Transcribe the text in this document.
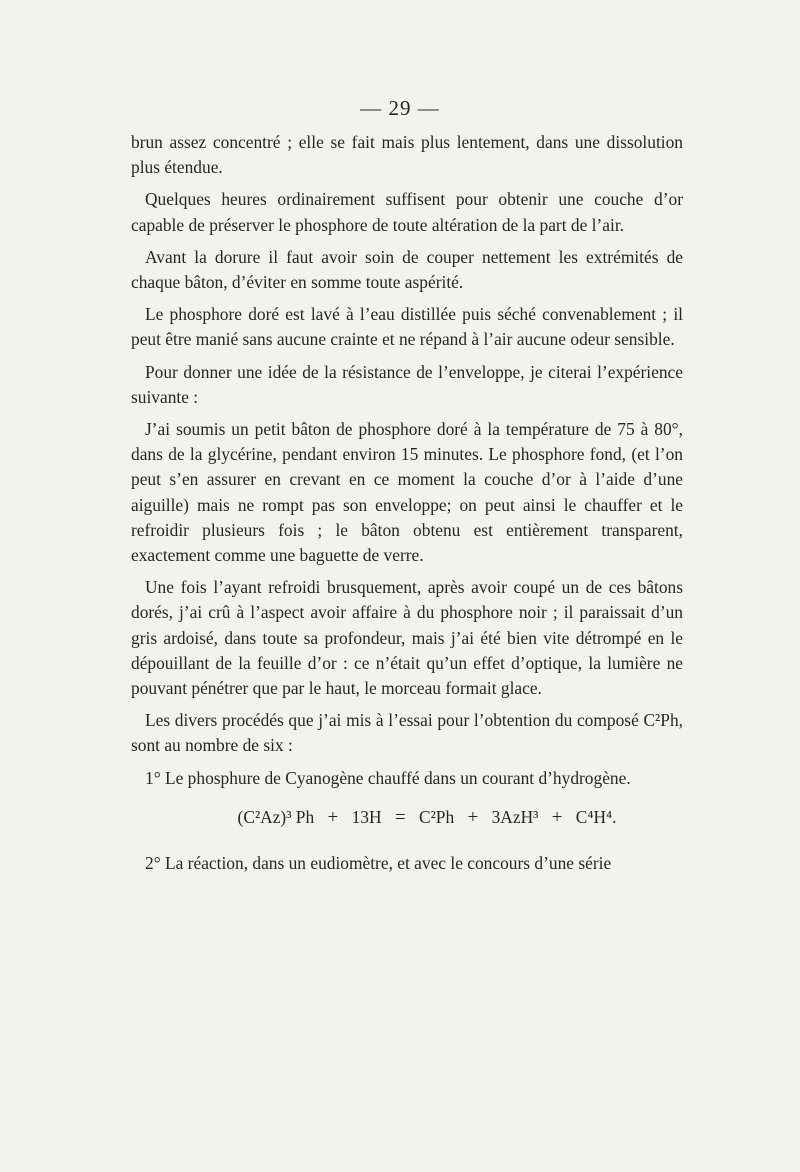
— 29 —

brun assez concentré ; elle se fait mais plus lentement, dans une dissolution plus étendue.

Quelques heures ordinairement suffisent pour obtenir une couche d’or capable de préserver le phosphore de toute altération de la part de l’air.

Avant la dorure il faut avoir soin de couper nettement les extrémités de chaque bâton, d’éviter en somme toute aspérité.

Le phosphore doré est lavé à l’eau distillée puis séché convenablement ; il peut être manié sans aucune crainte et ne répand à l’air aucune odeur sensible.

Pour donner une idée de la résistance de l’enveloppe, je citerai l’expérience suivante :

J’ai soumis un petit bâton de phosphore doré à la température de 75 à 80°, dans de la glycérine, pendant environ 15 minutes. Le phosphore fond, (et l’on peut s’en assurer en crevant en ce moment la couche d’or à l’aide d’une aiguille) mais ne rompt pas son enveloppe; on peut ainsi le chauffer et le refroidir plusieurs fois ; le bâton obtenu est entièrement transparent, exactement comme une baguette de verre.

Une fois l’ayant refroidi brusquement, après avoir coupé un de ces bâtons dorés, j’ai crû à l’aspect avoir affaire à du phosphore noir ; il paraissait d’un gris ardoisé, dans toute sa profondeur, mais j’ai été bien vite détrompé en le dépouillant de la feuille d’or : ce n’était qu’un effet d’optique, la lumière ne pouvant pénétrer que par le haut, le morceau formait glace.

Les divers procédés que j’ai mis à l’essai pour l’obtention du composé C²Ph, sont au nombre de six :

1° Le phosphure de Cyanogène chauffé dans un courant d’hydrogène.

(C²Az)³ Ph + 13H = C²Ph + 3AzH³ + C⁴H⁴.

2° La réaction, dans un eudiomètre, et avec le concours d’une série
